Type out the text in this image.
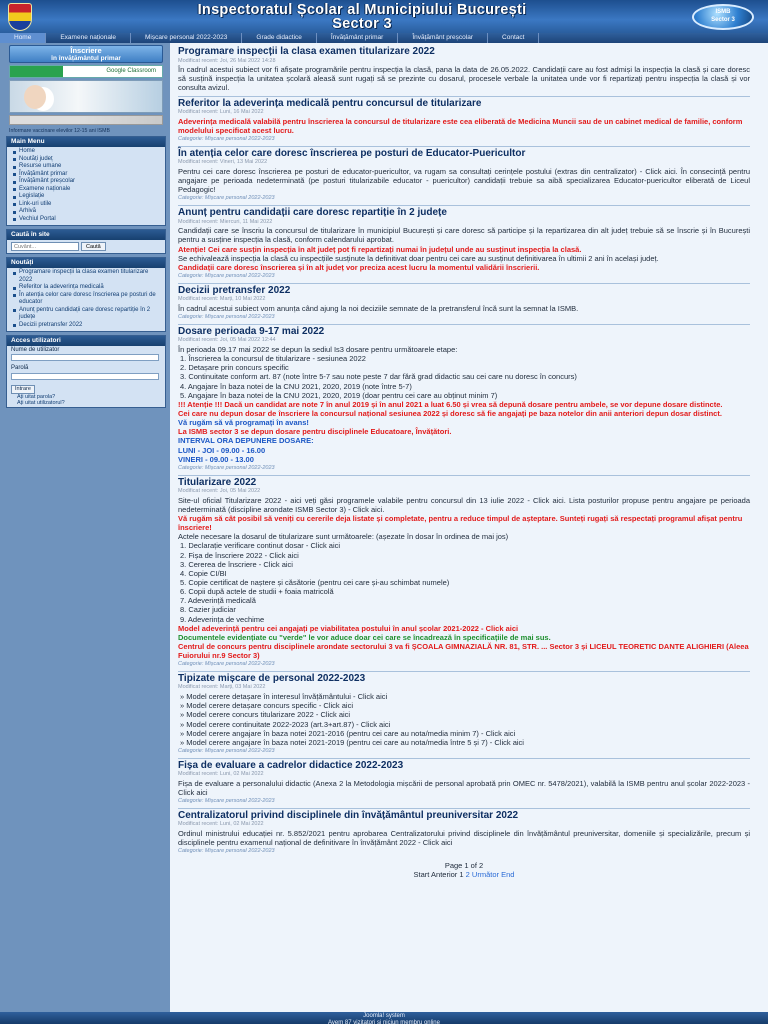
Inspectoratul Școlar al Municipiului București
Sector 3
ISMB
Sector 3
Home	Examene naționale	Mișcare personal 2022-2023	Grade didactice	Învățământ primar	Învățământ preșcolar	Contact
Înscriere
în învățământul primar
Google Classroom
Informare vaccinare elevilor 12-15 ani ISMB
Main Menu
Home
Noutăți județ
Resurse umane
Învățământ primar
Învățământ preșcolar
Examene naționale
Legislație
Link-uri utile
Arhivă
Vechiul Portal
Caută în site
Cuvânt...
Caută
Noutăți
Programare inspecții la clasa examen titularizare 2022
Referitor la adeverința medicală
În atenția celor care doresc înscrierea pe posturi de educator
Anunț pentru candidații care doresc repartiție în 2 județe
Decizii pretransfer 2022
Acces utilizatori
Nume de utilizator
Parolă
Intrare
Ați uitat parola?
Ați uitat utilizatorul?
Programare inspecții la clasa examen titularizare 2022
Modificat recent: Joi, 26 Mai 2022 14:28
În cadrul acestui subiect vor fi afișate programările pentru inspecția la clasă, pana la data de 26.05.2022. Candidații care au fost admiși la inspecția la clasă și care doresc să susțină inspecția la unitatea școlară aleasă sunt rugați să se prezinte cu dosarul, procesele verbale la unitatea unde vor fi repartizați pentru inspecția la clasă și vor consulta avizul.
Referitor la adeverința medicală pentru concursul de titularizare
Modificat recent: Luni, 16 Mai 2022
Adeverința medicală valabilă pentru înscrierea la concursul de titularizare este cea eliberată de Medicina Muncii sau de un cabinet medical de familie, conform modelului specificat acest lucru.
Categorie: Mișcare personal 2022-2023
În atenția celor care doresc înscrierea pe posturi de Educator-Puericultor
Modificat recent: Vineri, 13 Mai 2022
Pentru cei care doresc înscrierea pe posturi de educator-puericultor, va rugam sa consultați cerințele postului (extras din centralizator) - Click aici. În consecință pentru angajare pe perioada nedeterminată (pe posturi titularizabile educator - puericultor) candidații trebuie sa aibă specializarea Educator-puericultor eliberată de Liceul Pedagogic!
Categorie: Mișcare personal 2022-2023
Anunț pentru candidații care doresc repartiție în 2 județe
Modificat recent: Miercuri, 11 Mai 2022
Candidații care se înscriu la concursul de titularizare în municipiul București și care doresc să participe și la repartizarea din alt județ trebuie să se înscrie și în București pentru a susține inspecția la clasă, conform calendarului aprobat.
Atenție! Cei care susțin inspecția în alt județ pot fi repartizați numai în județul unde au susținut inspecția la clasă.
Se echivalează inspecția la clasă cu inspecțiile susținute la definitivat doar pentru cei care au susținut definitivarea în ultimii 2 ani în același județ.
Candidații care doresc înscrierea și în alt județ vor preciza acest lucru la momentul validării înscrierii.
Categorie: Mișcare personal 2022-2023
Decizii pretransfer 2022
Modificat recent: Marți, 10 Mai 2022
În cadrul acestui subiect vom anunța când ajung la noi deciziile semnate de la pretransferul încă sunt la semnat la ISMB.
Categorie: Mișcare personal 2022-2023
Dosare perioada 9-17 mai 2022
Modificat recent: Joi, 05 Mai 2022 12:44
În perioada 09.17 mai 2022 se depun la sediul Is3 dosare pentru următoarele etape:
1. Înscrierea la concursul de titularizare - sesiunea 2022
2. Detașare prin concurs specific
3. Continuitate conform art. 87 (note între 5-7 sau note peste 7 dar fără grad didactic sau cei care nu doresc în concurs)
4. Angajare în baza notei de la CNU 2021, 2020, 2019 (note între 5-7)
5. Angajare în baza notei de la CNU 2021, 2020, 2019 (doar pentru cei care au obținut minim 7)
!!! Atenție !!! Dacă un candidat are note 7 în anul 2019 și în anul 2021 a luat 6.50 și vrea să depună dosare pentru ambele, se vor depune dosare distincte.
Cei care nu depun dosar de înscriere la concursul național sesiunea 2022 și doresc să fie angajați pe baza notelor din anii anteriori depun dosar distinct.
Vă rugăm să vă programați în avans!
La ISMB sector 3 se depun dosare pentru disciplinele Educatoare, Învățători.
INTERVAL ORA DEPUNERE DOSARE:
LUNI - JOI - 09.00 - 16.00
VINERI - 09.00 - 13.00
Categorie: Mișcare personal 2022-2023
Titularizare 2022
Modificat recent: Joi, 05 Mai 2022
Site-ul oficial Titularizare 2022 - aici veți găsi programele valabile pentru concursul din 13 iulie 2022 - Click aici. Lista posturilor propuse pentru angajare pe perioada nedeterminată (discipline arondate ISMB Sector 3) - Click aici.
Vă rugăm să cât posibil să veniți cu cererile deja listate și completate, pentru a reduce timpul de așteptare. Sunteți rugați să respectați programul afișat pentru înscriere!
Actele necesare la dosarul de titularizare sunt următoarele: (așezate în dosar în ordinea de mai jos)
1. Declarație verificare continut dosar - Click aici
2. Fișa de înscriere 2022 - Click aici
3. Cererea de înscriere - Click aici
4. Copie CI/BI
5. Copie certificat de naștere și căsătorie (pentru cei care și-au schimbat numele)
6. Copii după actele de studii + foaia matricolă
7. Adeverință medicală
8. Cazier judiciar
9. Adeverința de vechime
Model adeverință pentru cei angajați pe viabilitatea postului în anul școlar 2021-2022 - Click aici
Documentele evidențiate cu "verde" le vor aduce doar cei care se încadrează în specificațiile de mai sus.
Centrul de concurs pentru disciplinele arondate sectorului 3 va fi ȘCOALA GIMNAZIALĂ NR. 81, STR. ... Sector 3 și LICEUL TEORETIC DANTE ALIGHIERI (Aleea Fuiorului nr.9 Sector 3)
Categorie: Mișcare personal 2022-2023
Tipizate mișcare de personal 2022-2023
Modificat recent: Marți, 03 Mai 2022
» Model cerere detașare în interesul învățământului - Click aici
» Model cerere detașare concurs specific - Click aici
» Model cerere concurs titularizare 2022 - Click aici
» Model cerere continuitate 2022-2023 (art.3+art.87) - Click aici
» Model cerere angajare în baza notei 2021-2016 (pentru cei care au nota/media minim 7) - Click aici
» Model cerere angajare în baza notei 2021-2019 (pentru cei care au nota/media între 5 și 7) - Click aici
Categorie: Mișcare personal 2022-2023
Fișa de evaluare a cadrelor didactice 2022-2023
Modificat recent: Luni, 02 Mai 2022
Fișa de evaluare a personalului didactic (Anexa 2 la Metodologia mișcării de personal aprobată prin OMEC nr. 5478/2021), valabilă la ISMB pentru anul școlar 2022-2023 - Click aici
Categorie: Mișcare personal 2022-2023
Centralizatorul privind disciplinele din învățământul preuniversitar 2022
Modificat recent: Luni, 02 Mai 2022
Ordinul ministrului educației nr. 5.852/2021 pentru aprobarea Centralizatorului privind disciplinele din învățământul preuniversitar, domeniile și specializările, precum și disciplinele pentru examenul național de definitivare în învățământ 2022 - Click aici
Categorie: Mișcare personal 2022-2023
Page 1 of 2
Start Anterior 1 2 Următor End
Joomla! system
Avem 87 vizitatori și niciun membru online
